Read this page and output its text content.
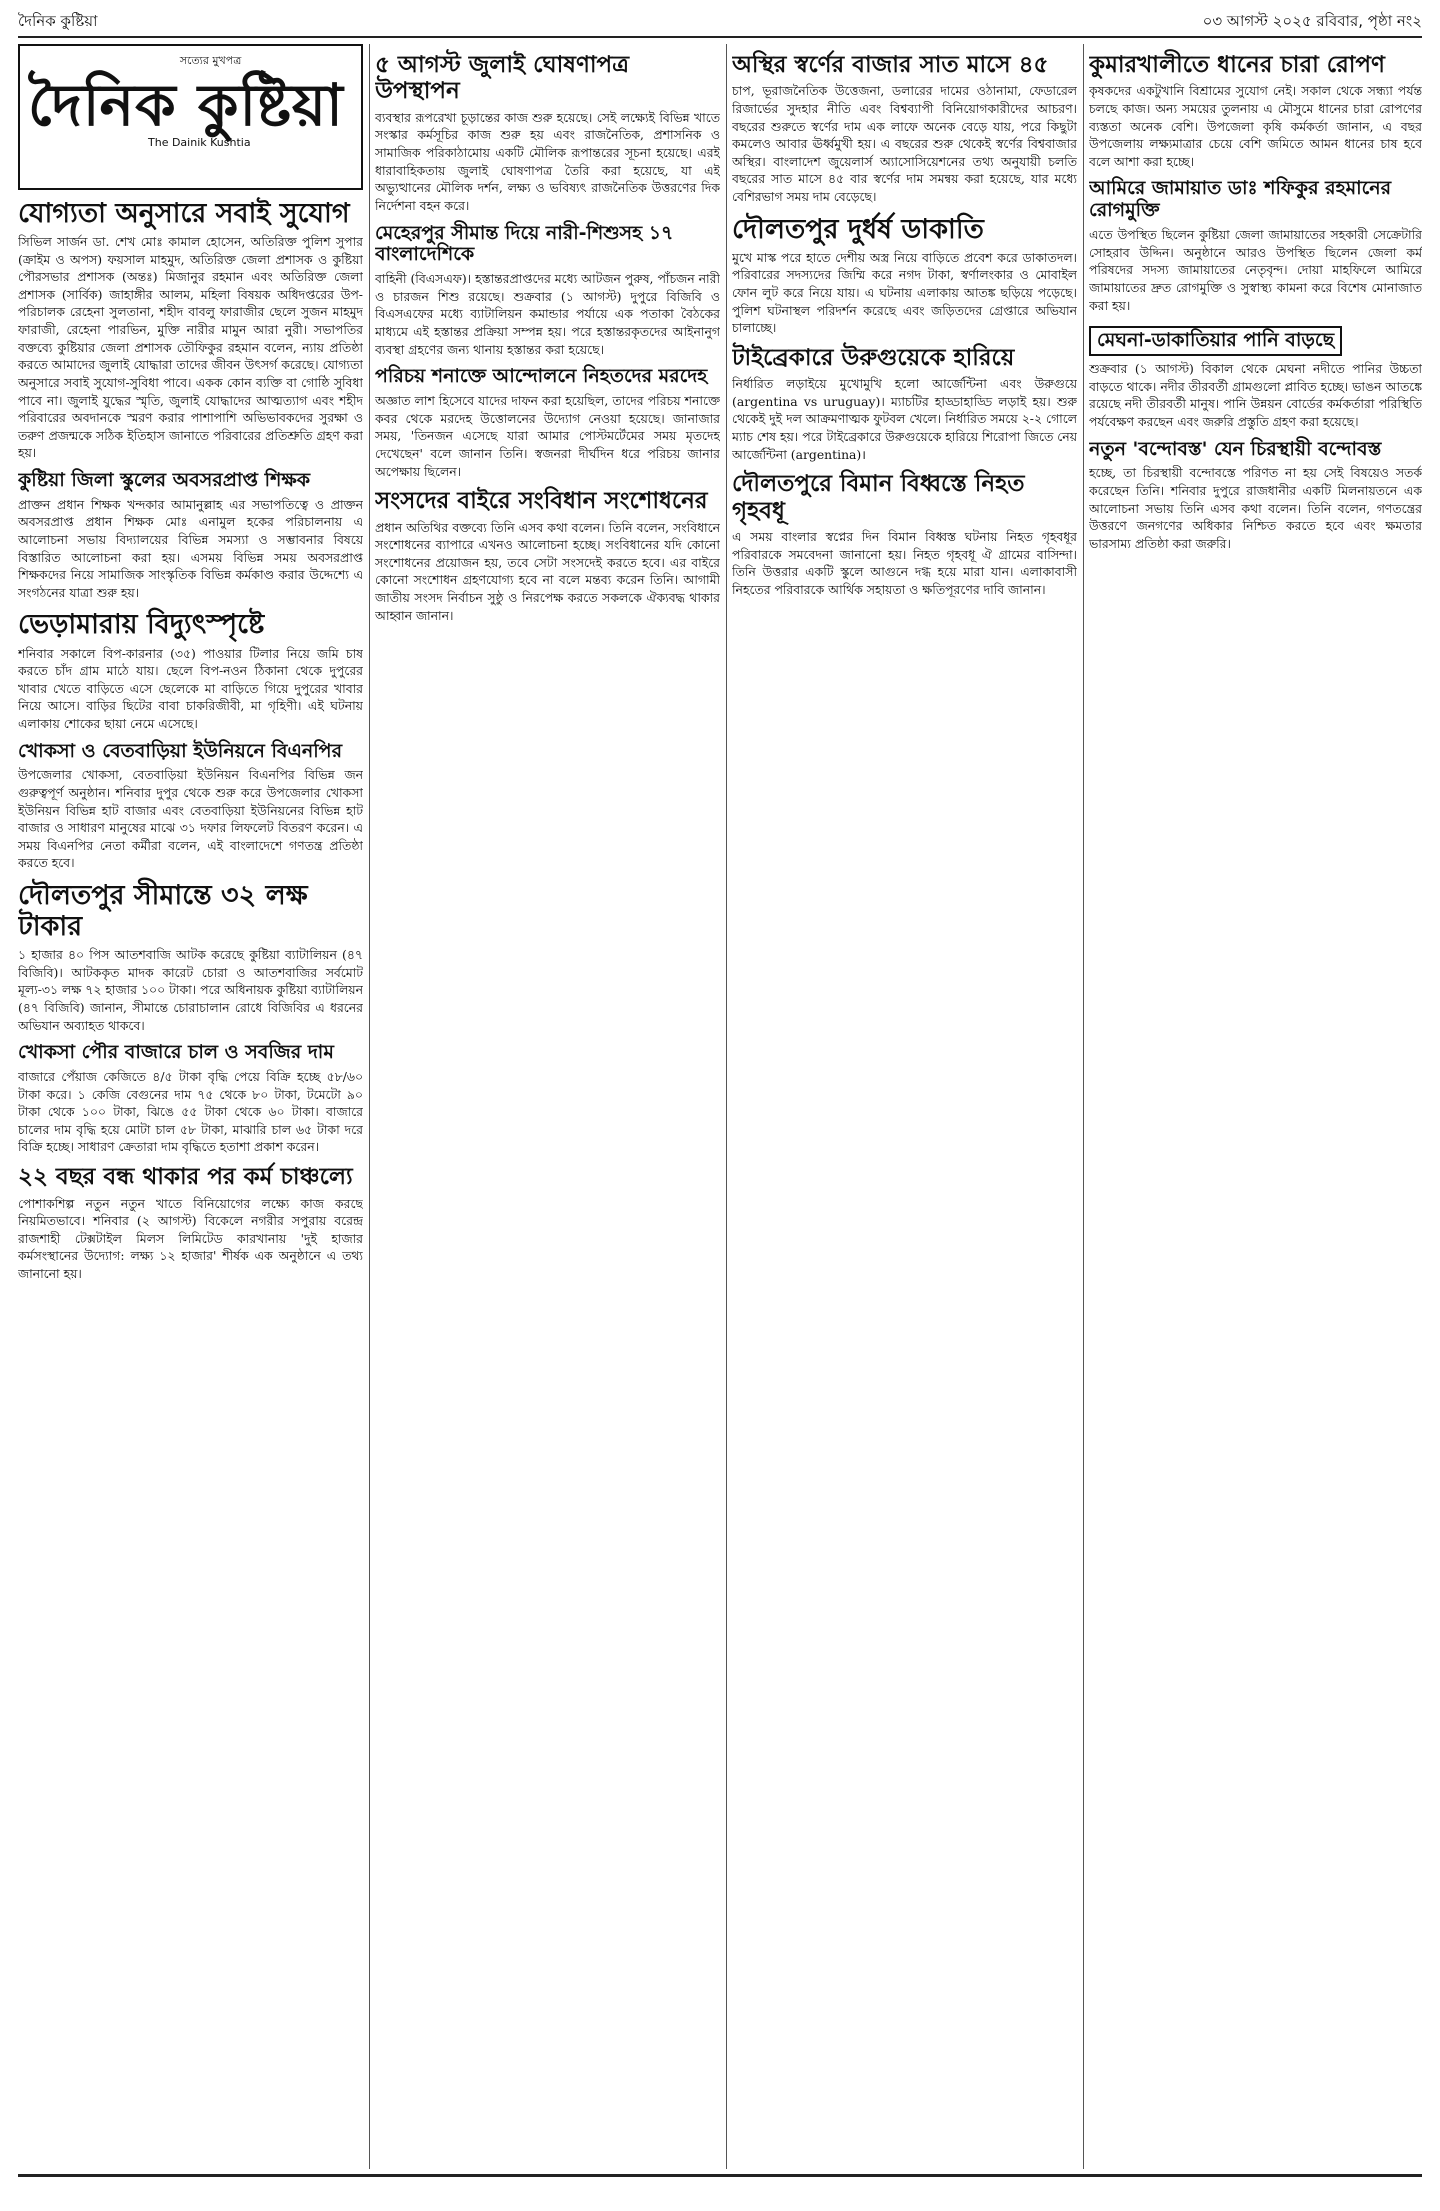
দৈনিক কুষ্টিয়া	০৩ আগস্ট ২০২৫ রবিবার, পৃষ্ঠা নং২
সত্যের মুখপত্র
দৈনিক কুষ্টিয়া
The Dainik Kushtia
যোগ্যতা অনুসারে সবাই সুযোগ

সিভিল সার্জন ডা. শেখ মোঃ কামাল হোসেন, অতিরিক্ত পুলিশ সুপার (ক্রাইম ও অপস) ফয়সাল মাহমুদ, অতিরিক্ত জেলা প্রশাসক ও কুষ্টিয়া পৌরসভার প্রশাসক (অন্তঃ) মিজানুর রহমান এবং অতিরিক্ত জেলা প্রশাসক (সার্বিক) জাহাঙ্গীর আলম, মহিলা বিষয়ক অধিদপ্তরের উপ-পরিচালক রেহেনা সুলতানা, শহীদ বাবলু ফারাজীর ছেলে সুজন মাহমুদ ফারাজী, রেহেনা পারভিন, মুক্তি নারীর মামুন আরা নুরী। সভাপতির বক্তব্যে কুষ্টিয়ার জেলা প্রশাসক তৌফিকুর রহমান বলেন, ন্যায় প্রতিষ্ঠা করতে আমাদের জুলাই যোদ্ধারা তাদের জীবন উৎসর্গ করেছে। যোগ্যতা অনুসারে সবাই সুযোগ-সুবিধা পাবে। একক কোন ব্যক্তি বা গোষ্ঠি সুবিধা পাবে না। জুলাই যুদ্ধের স্মৃতি, জুলাই যোদ্ধাদের আত্মত্যাগ এবং শহীদ পরিবারের অবদানকে স্মরণ করার পাশাপাশি অভিভাবকদের সুরক্ষা ও তরুণ প্রজন্মকে সঠিক ইতিহাস জানাতে পরিবারের প্রতিশ্রুতি গ্রহণ করা হয়।

কুষ্টিয়া জিলা স্কুলের অবসরপ্রাপ্ত শিক্ষক

প্রাক্তন প্রধান শিক্ষক খন্দকার আমানুল্লাহ এর সভাপতিত্বে ও প্রাক্তন অবসরপ্রাপ্ত প্রধান শিক্ষক মোঃ এনামুল হকের পরিচালনায় এ আলোচনা সভায় বিদ্যালয়ের বিভিন্ন সমস্যা ও সম্ভাবনার বিষয়ে বিস্তারিত আলোচনা করা হয়। এসময় বিভিন্ন সময় অবসরপ্রাপ্ত শিক্ষকদের নিয়ে সামাজিক সাংস্কৃতিক বিভিন্ন কর্মকাণ্ড করার উদ্দেশ্যে এ সংগঠনের যাত্রা শুরু হয়।

ভেড়ামারায় বিদ্যুৎস্পৃষ্টে

শনিবার সকালে বিপ-কারনার (৩৫) পাওয়ার টিলার নিয়ে জমি চাষ করতে চাঁদ গ্রাম মাঠে যায়। ছেলে বিপ-নওন ঠিকানা থেকে দুপুরের খাবার খেতে বাড়িতে এসে ছেলেকে মা বাড়িতে গিয়ে দুপুরের খাবার নিয়ে আসে। বাড়ির ছিটের বাবা চাকরিজীবী, মা গৃহিণী। এই ঘটনায় এলাকায় শোকের ছায়া নেমে এসেছে।

খোকসা ও বেতবাড়িয়া ইউনিয়নে বিএনপির

উপজেলার খোকসা, বেতবাড়িয়া ইউনিয়ন বিএনপির বিভিন্ন জন গুরুত্বপূর্ণ অনুষ্ঠান। শনিবার দুপুর থেকে শুরু করে উপজেলার খোকসা ইউনিয়ন বিভিন্ন হাট বাজার এবং বেতবাড়িয়া ইউনিয়নের বিভিন্ন হাট বাজার ও সাধারণ মানুষের মাঝে ৩১ দফার লিফলেট বিতরণ করেন। এ সময় বিএনপির নেতা কর্মীরা বলেন, এই বাংলাদেশে গণতন্ত্র প্রতিষ্ঠা করতে হবে।

দৌলতপুর সীমান্তে ৩২ লক্ষ টাকার

১ হাজার ৪০ পিস আতশবাজি আটক করেছে কুষ্টিয়া ব্যাটালিয়ন (৪৭ বিজিবি)। আটককৃত মাদক কারেট চোরা ও আতশবাজির সর্বমোট মূল্য-৩১ লক্ষ ৭২ হাজার ১০০ টাকা। পরে অধিনায়ক কুষ্টিয়া ব্যাটালিয়ন (৪৭ বিজিবি) জানান, সীমান্তে চোরাচালান রোধে বিজিবির এ ধরনের অভিযান অব্যাহত থাকবে।

খোকসা পৌর বাজারে চাল ও সবজির দাম

বাজারে পেঁয়াজ কেজিতে ৪/৫ টাকা বৃদ্ধি পেয়ে বিক্রি হচ্ছে ৫৮/৬০ টাকা করে। ১ কেজি বেগুনের দাম ৭৫ থেকে ৮০ টাকা, টমেটো ৯০ টাকা থেকে ১০০ টাকা, ঝিঙে ৫৫ টাকা থেকে ৬০ টাকা। বাজারে চালের দাম বৃদ্ধি হয়ে মোটা চাল ৫৮ টাকা, মাঝারি চাল ৬৫ টাকা দরে বিক্রি হচ্ছে। সাধারণ ক্রেতারা দাম বৃদ্ধিতে হতাশা প্রকাশ করেন।

২২ বছর বন্ধ থাকার পর কর্ম চাঞ্চল্যে

পোশাকশিল্প নতুন নতুন খাতে বিনিয়োগের লক্ষ্যে কাজ করছে নিয়মিতভাবে। শনিবার (২ আগস্ট) বিকেলে নগরীর সপুরায় বরেন্দ্র রাজশাহী টেক্সটাইল মিলস লিমিটেড কারখানায় 'দুই হাজার কর্মসংস্থানের উদ্যোগ: লক্ষ্য ১২ হাজার' শীর্ষক এক অনুষ্ঠানে এ তথ্য জানানো হয়।

৫ আগস্ট জুলাই ঘোষণাপত্র উপস্থাপন

ব্যবস্থার রূপরেখা চূড়ান্তের কাজ শুরু হয়েছে। সেই লক্ষ্যেই বিভিন্ন খাতে সংস্কার কর্মসূচির কাজ শুরু হয় এবং রাজনৈতিক, প্রশাসনিক ও সামাজিক পরিকাঠামোয় একটি মৌলিক রূপান্তরের সূচনা হয়েছে। এরই ধারাবাহিকতায় জুলাই ঘোষণাপত্র তৈরি করা হয়েছে, যা এই অভ্যুত্থানের মৌলিক দর্শন, লক্ষ্য ও ভবিষ্যৎ রাজনৈতিক উত্তরণের দিক নির্দেশনা বহন করে।

মেহেরপুর সীমান্ত দিয়ে নারী-শিশুসহ ১৭ বাংলাদেশিকে

বাহিনী (বিএসএফ)। হস্তান্তরপ্রাপ্তদের মধ্যে আটজন পুরুষ, পাঁচজন নারী ও চারজন শিশু রয়েছে। শুক্রবার (১ আগস্ট) দুপুরে বিজিবি ও বিএসএফের মধ্যে ব্যাটালিয়ন কমান্ডার পর্যায়ে এক পতাকা বৈঠকের মাধ্যমে এই হস্তান্তর প্রক্রিয়া সম্পন্ন হয়। পরে হস্তান্তরকৃতদের আইনানুগ ব্যবস্থা গ্রহণের জন্য থানায় হস্তান্তর করা হয়েছে।

পরিচয় শনাক্তে আন্দোলনে নিহতদের মরদেহ

অজ্ঞাত লাশ হিসেবে যাদের দাফন করা হয়েছিল, তাদের পরিচয় শনাক্তে কবর থেকে মরদেহ উত্তোলনের উদ্যোগ নেওয়া হয়েছে। জানাজার সময়, 'তিনজন এসেছে যারা আমার পোস্টমর্টেমের সময় মৃতদেহ দেখেছেন' বলে জানান তিনি। স্বজনরা দীর্ঘদিন ধরে পরিচয় জানার অপেক্ষায় ছিলেন।

সংসদের বাইরে সংবিধান সংশোধনের

প্রধান অতিথির বক্তব্যে তিনি এসব কথা বলেন। তিনি বলেন, সংবিধানে সংশোধনের ব্যাপারে এখনও আলোচনা হচ্ছে। সংবিধানের যদি কোনো সংশোধনের প্রয়োজন হয়, তবে সেটা সংসদেই করতে হবে। এর বাইরে কোনো সংশোধন গ্রহণযোগ্য হবে না বলে মন্তব্য করেন তিনি। আগামী জাতীয় সংসদ নির্বাচন সুষ্ঠু ও নিরপেক্ষ করতে সকলকে ঐক্যবদ্ধ থাকার আহ্বান জানান।

অস্থির স্বর্ণের বাজার সাত মাসে ৪৫

চাপ, ভূরাজনৈতিক উত্তেজনা, ডলারের দামের ওঠানামা, ফেডারেল রিজার্ভের সুদহার নীতি এবং বিশ্বব্যাপী বিনিয়োগকারীদের আচরণ। বছরের শুরুতে স্বর্ণের দাম এক লাফে অনেক বেড়ে যায়, পরে কিছুটা কমলেও আবার ঊর্ধ্বমুখী হয়। এ বছরের শুরু থেকেই স্বর্ণের বিশ্ববাজার অস্থির। বাংলাদেশ জুয়েলার্স অ্যাসোসিয়েশনের তথ্য অনুযায়ী চলতি বছরের সাত মাসে ৪৫ বার স্বর্ণের দাম সমন্বয় করা হয়েছে, যার মধ্যে বেশিরভাগ সময় দাম বেড়েছে।

দৌলতপুর দুর্ধর্ষ ডাকাতি

মুখে মাস্ক পরে হাতে দেশীয় অস্ত্র নিয়ে বাড়িতে প্রবেশ করে ডাকাতদল। পরিবারের সদস্যদের জিম্মি করে নগদ টাকা, স্বর্ণালংকার ও মোবাইল ফোন লুট করে নিয়ে যায়। এ ঘটনায় এলাকায় আতঙ্ক ছড়িয়ে পড়েছে। পুলিশ ঘটনাস্থল পরিদর্শন করেছে এবং জড়িতদের গ্রেপ্তারে অভিযান চালাচ্ছে।

টাইব্রেকারে উরুগুয়েকে হারিয়ে

নির্ধারিত লড়াইয়ে মুখোমুখি হলো আর্জেন্টিনা এবং উরুগুয়ে (argentina vs uruguay)। ম্যাচটির হাড্ডাহাড্ডি লড়াই হয়। শুরু থেকেই দুই দল আক্রমণাত্মক ফুটবল খেলে। নির্ধারিত সময়ে ২-২ গোলে ম্যাচ শেষ হয়। পরে টাইব্রেকারে উরুগুয়েকে হারিয়ে শিরোপা জিতে নেয় আর্জেন্টিনা (argentina)।

দৌলতপুরে বিমান বিধ্বস্তে নিহত গৃহবধূ

এ সময় বাংলার স্বপ্নের দিন বিমান বিধ্বস্ত ঘটনায় নিহত গৃহবধূর পরিবারকে সমবেদনা জানানো হয়। নিহত গৃহবধূ ঐ গ্রামের বাসিন্দা। তিনি উত্তরার একটি স্কুলে আগুনে দগ্ধ হয়ে মারা যান। এলাকাবাসী নিহতের পরিবারকে আর্থিক সহায়তা ও ক্ষতিপূরণের দাবি জানান।

কুমারখালীতে ধানের চারা রোপণ

কৃষকদের একটুখানি বিশ্রামের সুযোগ নেই। সকাল থেকে সন্ধ্যা পর্যন্ত চলছে কাজ। অন্য সময়ের তুলনায় এ মৌসুমে ধানের চারা রোপণের ব্যস্ততা অনেক বেশি। উপজেলা কৃষি কর্মকর্তা জানান, এ বছর উপজেলায় লক্ষ্যমাত্রার চেয়ে বেশি জমিতে আমন ধানের চাষ হবে বলে আশা করা হচ্ছে।

আমিরে জামায়াত ডাঃ শফিকুর রহমানের রোগমুক্তি

এতে উপস্থিত ছিলেন কুষ্টিয়া জেলা জামায়াতের সহকারী সেক্রেটারি সোহরাব উদ্দিন। অনুষ্ঠানে আরও উপস্থিত ছিলেন জেলা কর্ম পরিষদের সদস্য জামায়াতের নেতৃবৃন্দ। দোয়া মাহফিলে আমিরে জামায়াতের দ্রুত রোগমুক্তি ও সুস্বাস্থ্য কামনা করে বিশেষ মোনাজাত করা হয়।

মেঘনা-ডাকাতিয়ার পানি বাড়ছে

শুক্রবার (১ আগস্ট) বিকাল থেকে মেঘনা নদীতে পানির উচ্চতা বাড়তে থাকে। নদীর তীরবর্তী গ্রামগুলো প্লাবিত হচ্ছে। ভাঙন আতঙ্কে রয়েছে নদী তীরবর্তী মানুষ। পানি উন্নয়ন বোর্ডের কর্মকর্তারা পরিস্থিতি পর্যবেক্ষণ করছেন এবং জরুরি প্রস্তুতি গ্রহণ করা হয়েছে।

নতুন 'বন্দোবস্ত' যেন চিরস্থায়ী বন্দোবস্ত

হচ্ছে, তা চিরস্থায়ী বন্দোবস্তে পরিণত না হয় সেই বিষয়েও সতর্ক করেছেন তিনি। শনিবার দুপুরে রাজধানীর একটি মিলনায়তনে এক আলোচনা সভায় তিনি এসব কথা বলেন। তিনি বলেন, গণতন্ত্রের উত্তরণে জনগণের অধিকার নিশ্চিত করতে হবে এবং ক্ষমতার ভারসাম্য প্রতিষ্ঠা করা জরুরি।
